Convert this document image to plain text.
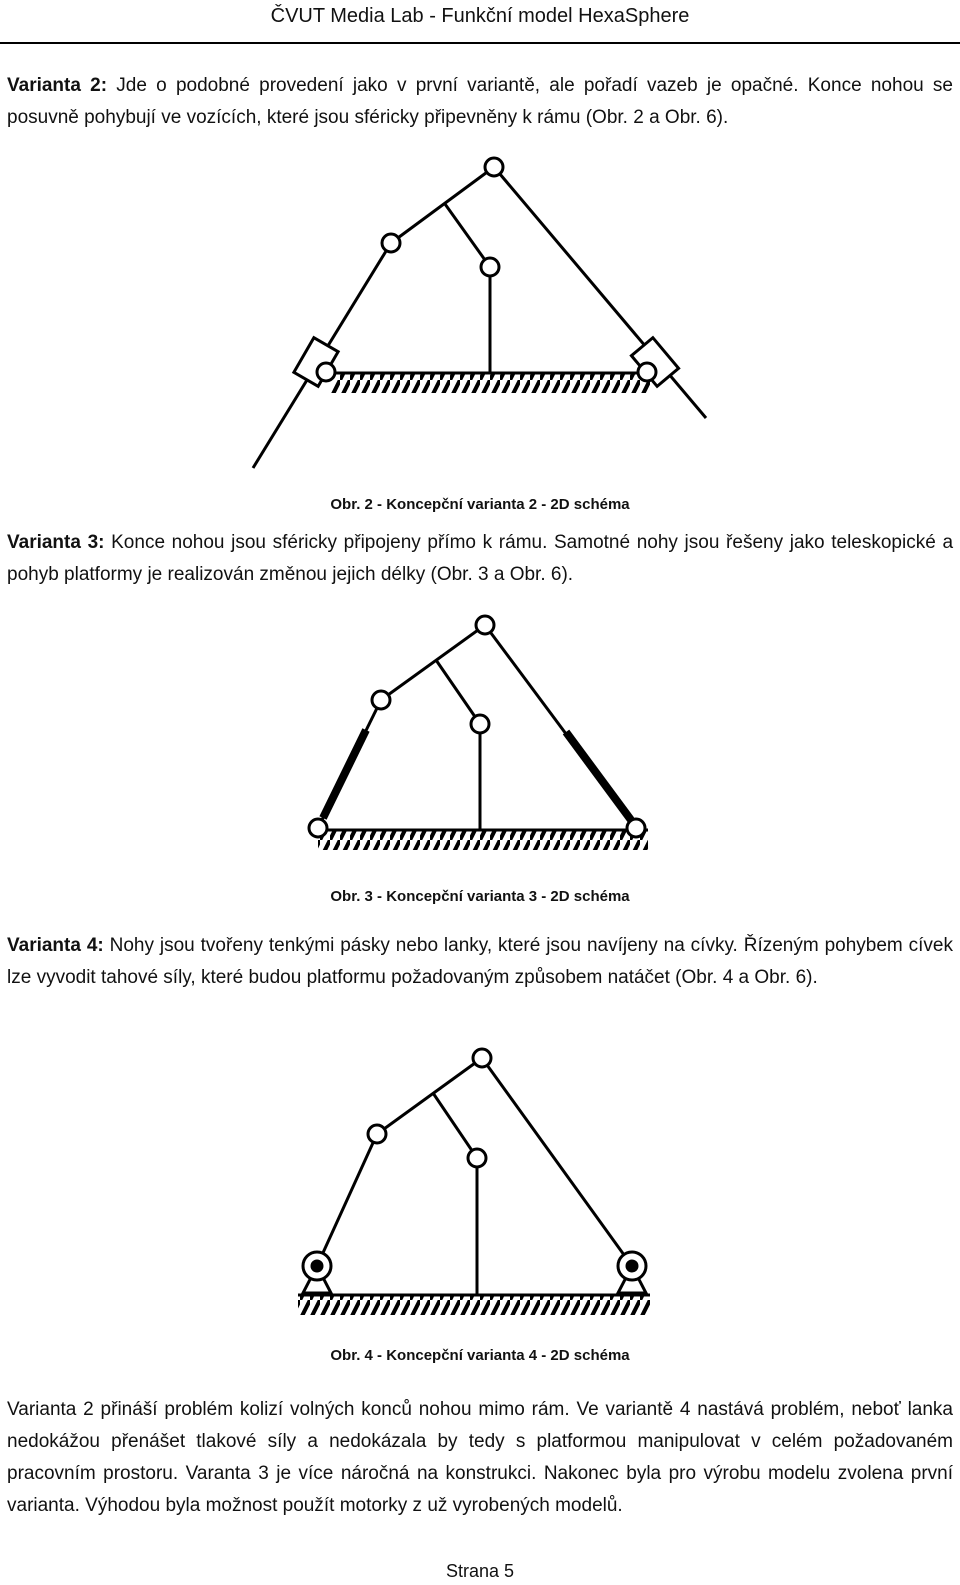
ČVUT Media Lab - Funkční model HexaSphere

Varianta 2: Jde o podobné provedení jako v první variantě, ale pořadí vazeb je opačné. Konce nohou se posuvně pohybují ve vozících, které jsou sféricky připevněny k rámu (Obr. 2 a Obr. 6).

Obr. 2 - Koncepční varianta 2 - 2D schéma

Varianta 3: Konce nohou jsou sféricky připojeny přímo k rámu. Samotné nohy jsou řešeny jako teleskopické a pohyb platformy je realizován změnou jejich délky (Obr. 3 a Obr. 6).

Obr. 3 - Koncepční varianta 3 - 2D schéma

Varianta 4: Nohy jsou tvořeny tenkými pásky nebo lanky, které jsou navíjeny na cívky. Řízeným pohybem cívek lze vyvodit tahové síly, které budou platformu požadovaným způsobem natáčet (Obr. 4 a Obr. 6).

Obr. 4 - Koncepční varianta 4 - 2D schéma

Varianta 2 přináší problém kolizí volných konců nohou mimo rám. Ve variantě 4 nastává problém, neboť lanka nedokážou přenášet tlakové síly a nedokázala by tedy s platformou manipulovat v celém požadovaném pracovním prostoru. Varanta 3 je více náročná na konstrukci. Nakonec byla pro výrobu modelu zvolena první varianta. Výhodou byla možnost použít motorky z už vyrobených modelů.

Strana 5
